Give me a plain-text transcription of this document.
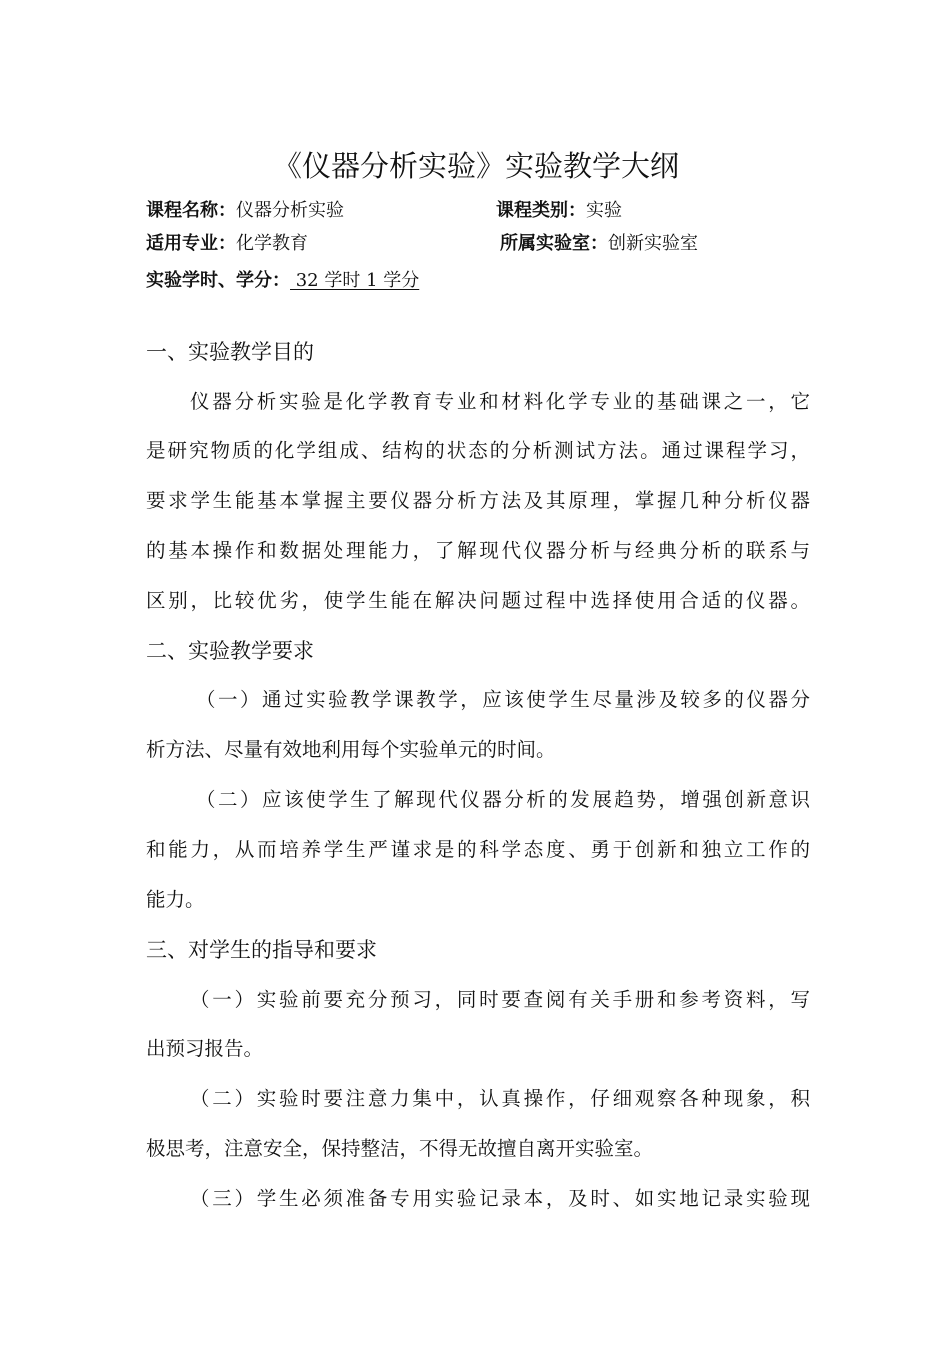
《仪器分析实验》实验教学大纲
课程名称：仪器分析实验	课程类别：实验
适用专业：化学教育	所属实验室：创新实验室
实验学时、学分： 32 学时 1 学分
一、实验教学目的
仪器分析实验是化学教育专业和材料化学专业的基础课之一，它
是研究物质的化学组成、结构的状态的分析测试方法。通过课程学习，
要求学生能基本掌握主要仪器分析方法及其原理，掌握几种分析仪器
的基本操作和数据处理能力，了解现代仪器分析与经典分析的联系与
区别，比较优劣，使学生能在解决问题过程中选择使用合适的仪器。
二、实验教学要求
（一）通过实验教学课教学，应该使学生尽量涉及较多的仪器分
析方法、尽量有效地利用每个实验单元的时间。
（二）应该使学生了解现代仪器分析的发展趋势，增强创新意识
和能力，从而培养学生严谨求是的科学态度、勇于创新和独立工作的
能力。
三、对学生的指导和要求
（一）实验前要充分预习，同时要查阅有关手册和参考资料，写
出预习报告。
（二）实验时要注意力集中，认真操作，仔细观察各种现象，积
极思考，注意安全，保持整洁，不得无故擅自离开实验室。
（三）学生必须准备专用实验记录本，及时、如实地记录实验现
